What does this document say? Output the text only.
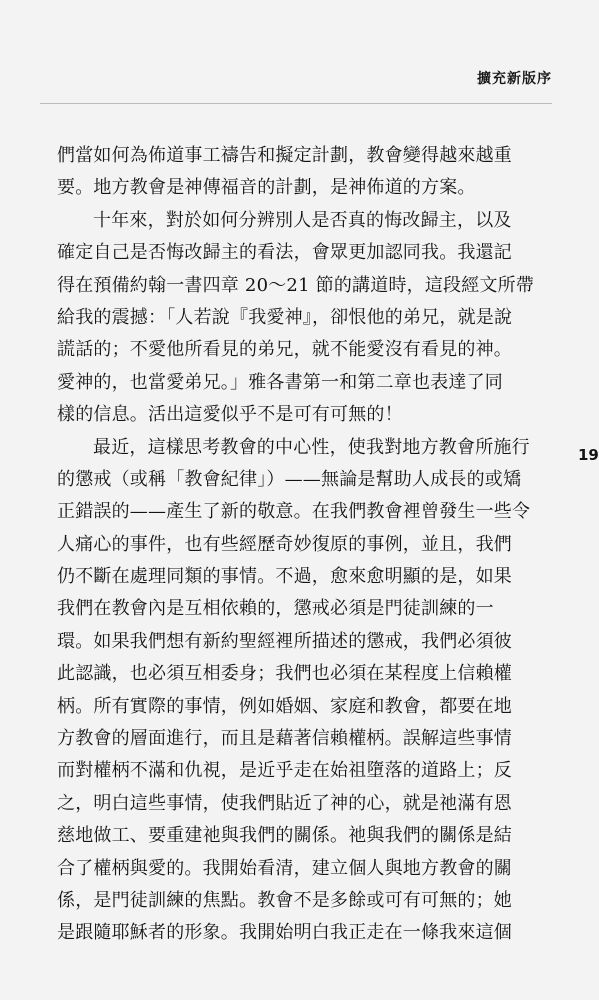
擴充新版序
們當如何為佈道事工禱告和擬定計劃，教會變得越來越重
要。地方教會是神傳福音的計劃，是神佈道的方案。
十年來，對於如何分辨別人是否真的悔改歸主，以及
確定自己是否悔改歸主的看法，會眾更加認同我。我還記
得在預備約翰一書四章 20～21 節的講道時，這段經文所帶
給我的震撼：「人若說『我愛神』，卻恨他的弟兄，就是說
謊話的；不愛他所看見的弟兄，就不能愛沒有看見的神。
愛神的，也當愛弟兄。」雅各書第一和第二章也表達了同
樣的信息。活出這愛似乎不是可有可無的！
最近，這樣思考教會的中心性，使我對地方教會所施行
的懲戒（或稱「教會紀律」）——無論是幫助人成長的或矯
正錯誤的——產生了新的敬意。在我們教會裡曾發生一些令
人痛心的事件，也有些經歷奇妙復原的事例，並且，我們
仍不斷在處理同類的事情。不過，愈來愈明顯的是，如果
我們在教會內是互相依賴的，懲戒必須是門徒訓練的一
環。如果我們想有新約聖經裡所描述的懲戒，我們必須彼
此認識，也必須互相委身；我們也必須在某程度上信賴權
柄。所有實際的事情，例如婚姻、家庭和教會，都要在地
方教會的層面進行，而且是藉著信賴權柄。誤解這些事情
而對權柄不滿和仇視，是近乎走在始祖墮落的道路上；反
之，明白這些事情，使我們貼近了神的心，就是祂滿有恩
慈地做工、要重建祂與我們的關係。祂與我們的關係是結
合了權柄與愛的。我開始看清，建立個人與地方教會的關
係，是門徒訓練的焦點。教會不是多餘或可有可無的；她
是跟隨耶穌者的形象。我開始明白我正走在一條我來這個
19
